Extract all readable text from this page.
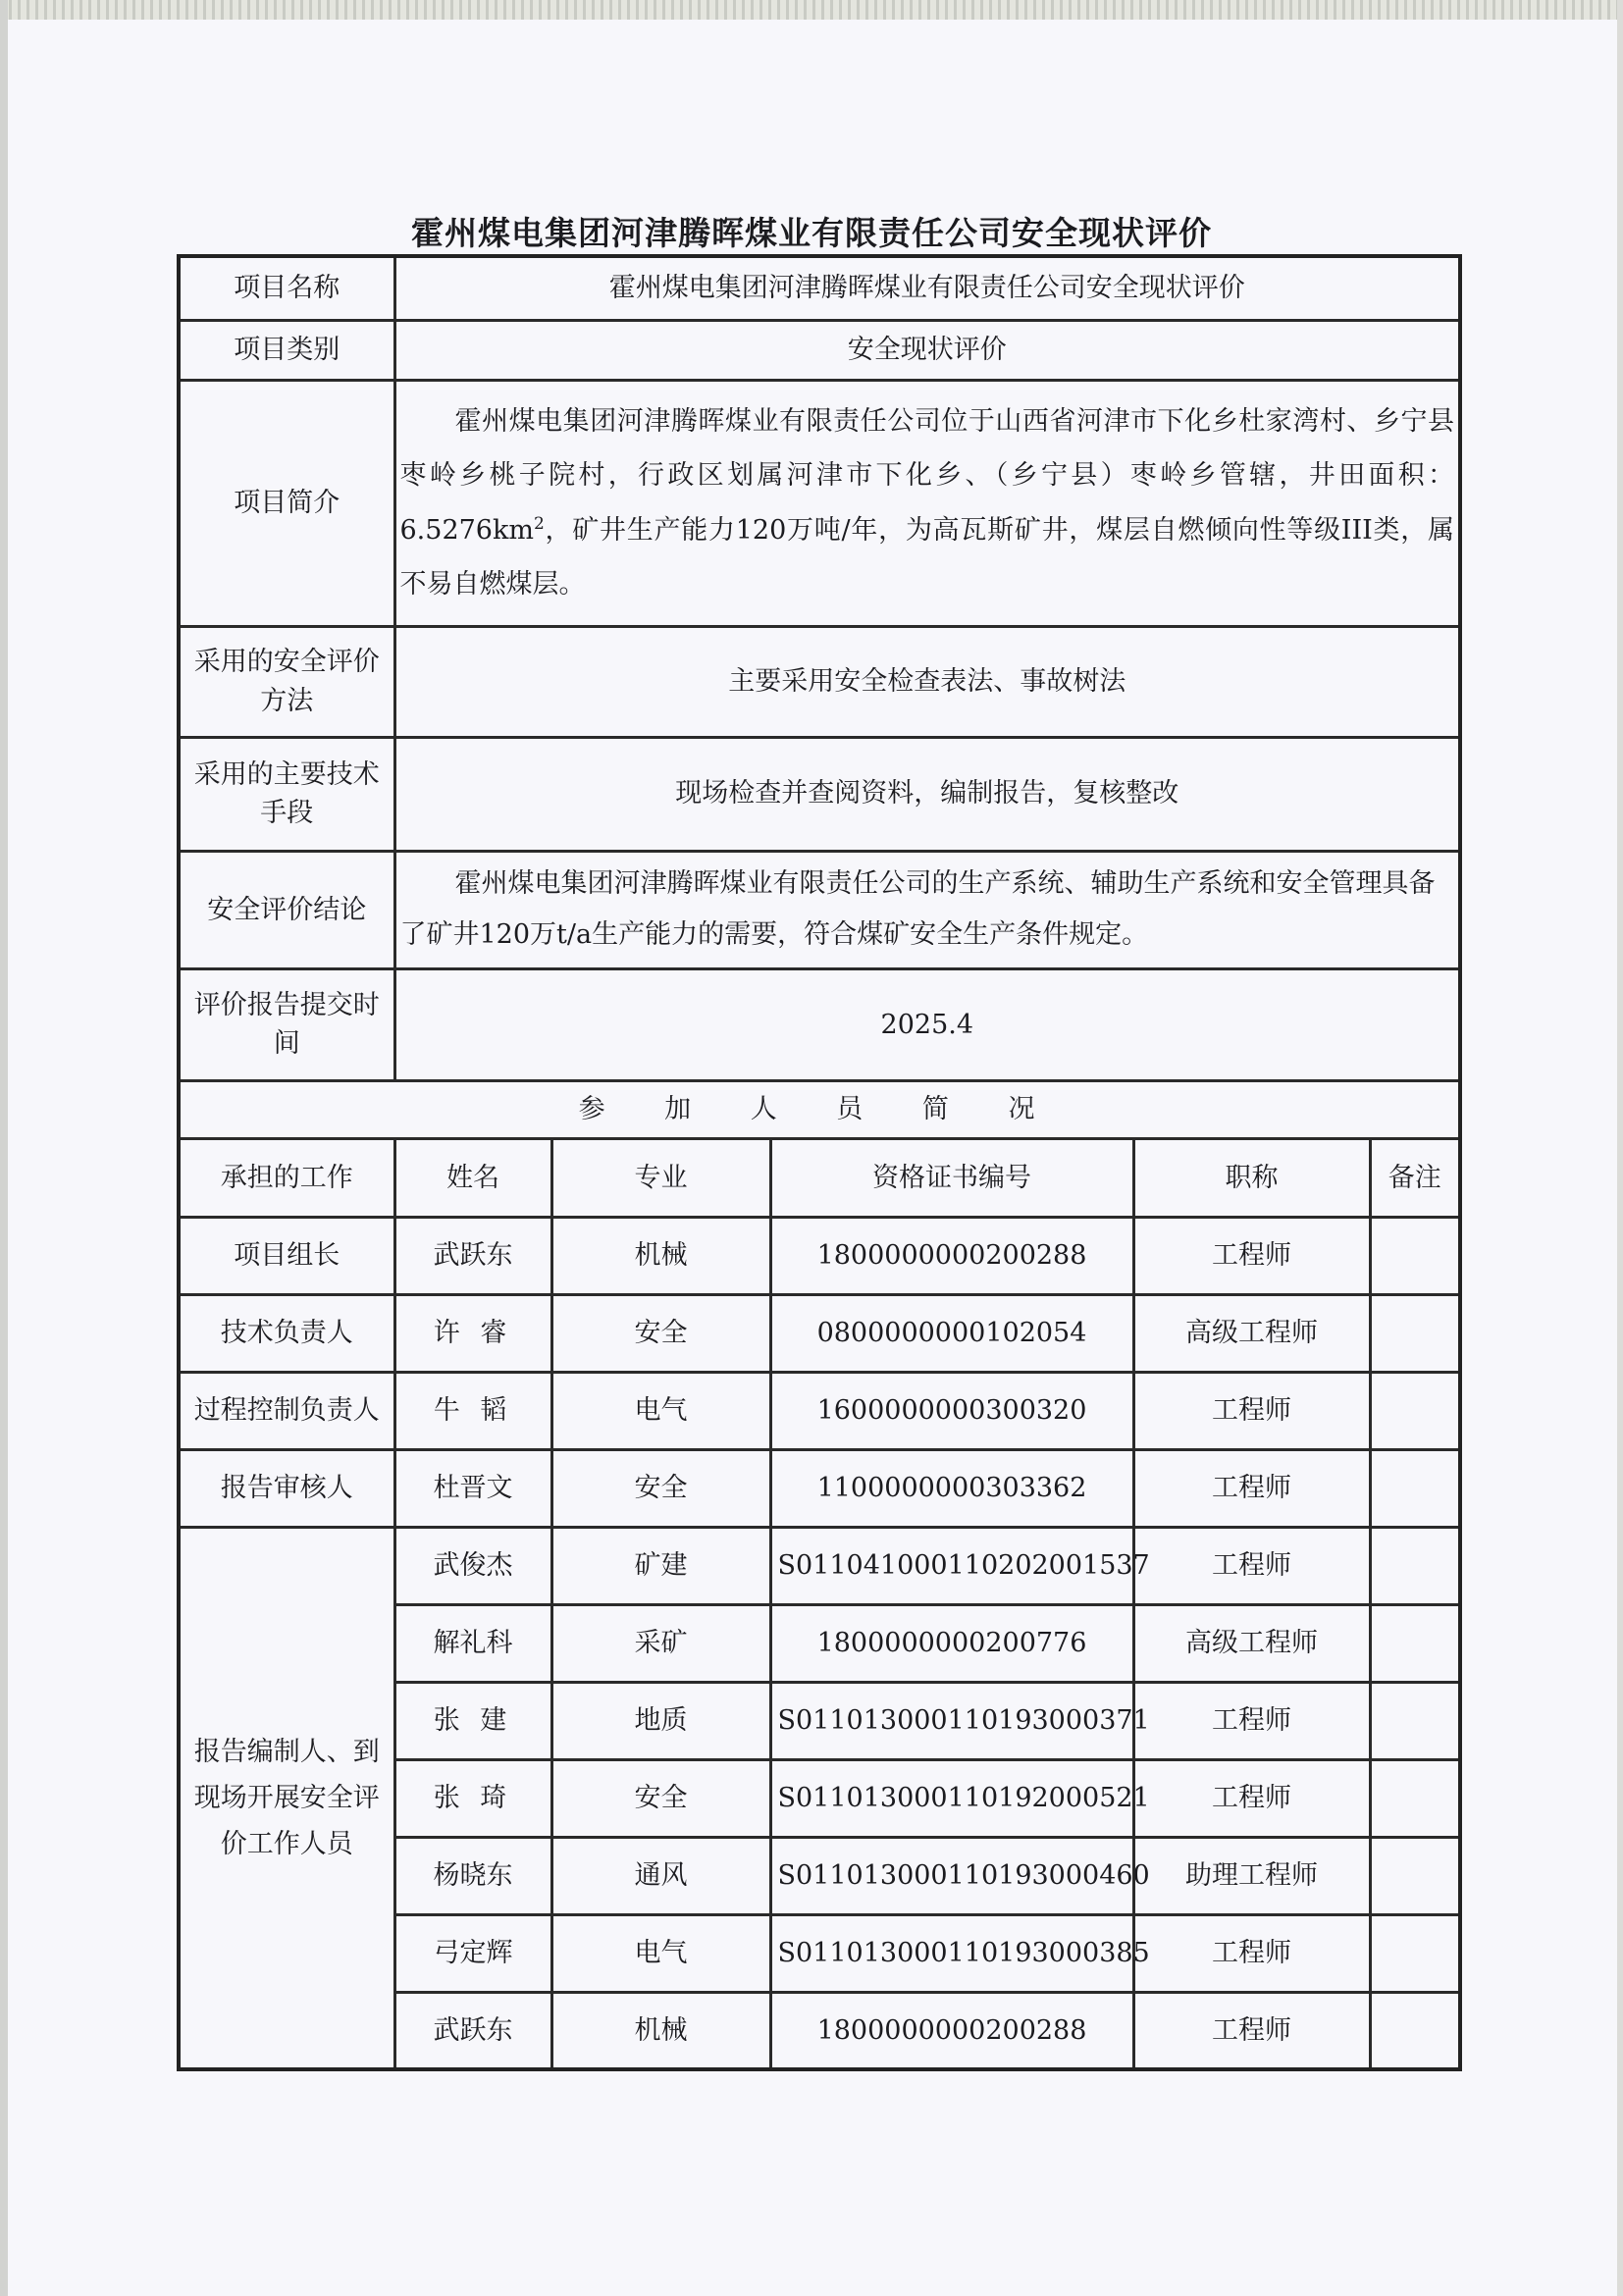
霍州煤电集团河津腾晖煤业有限责任公司安全现状评价
项目名称	霍州煤电集团河津腾晖煤业有限责任公司安全现状评价				
项目类别	安全现状评价				
项目简介	霍州煤电集团河津腾晖煤业有限责任公司位于山西省河津市下化乡杜家湾村、乡宁县枣岭乡桃子院村，行政区划属河津市下化乡、（乡宁县）枣岭乡管辖，井田面积：$6.5276km^2$，矿井生产能力120万吨/年，为高瓦斯矿井，煤层自燃倾向性等级III类，属不易自燃煤层。				
采用的安全评价方法	主要采用安全检查表法、事故树法				
采用的主要技术手段	现场检查并查阅资料，编制报告，复核整改				
安全评价结论	霍州煤电集团河津腾晖煤业有限责任公司的生产系统、辅助生产系统和安全管理具备了矿井120万t/a生产能力的需要，符合煤矿安全生产条件规定。				
评价报告提交时间	2025.4				
参 加 人 员 简 况					
承担的工作	姓名	专业	资格证书编号	职称	备注
项目组长	武跃东	机械	1800000000200288	工程师	
技术负责人	许 睿	安全	0800000000102054	高级工程师	
过程控制负责人	牛 韬	电气	1600000000300320	工程师	
报告审核人	杜晋文	安全	1100000000303362	工程师	
报告编制人、到现场开展安全评价工作人员	武俊杰	矿建	S011041000110202001537	工程师	
	解礼科	采矿	1800000000200776	高级工程师	
	张 建	地质	S011013000110193000371	工程师	
	张 琦	安全	S011013000110192000521	工程师	
	杨晓东	通风	S011013000110193000460	助理工程师	
	弓定辉	电气	S011013000110193000385	工程师	
	武跃东	机械	1800000000200288	工程师	
